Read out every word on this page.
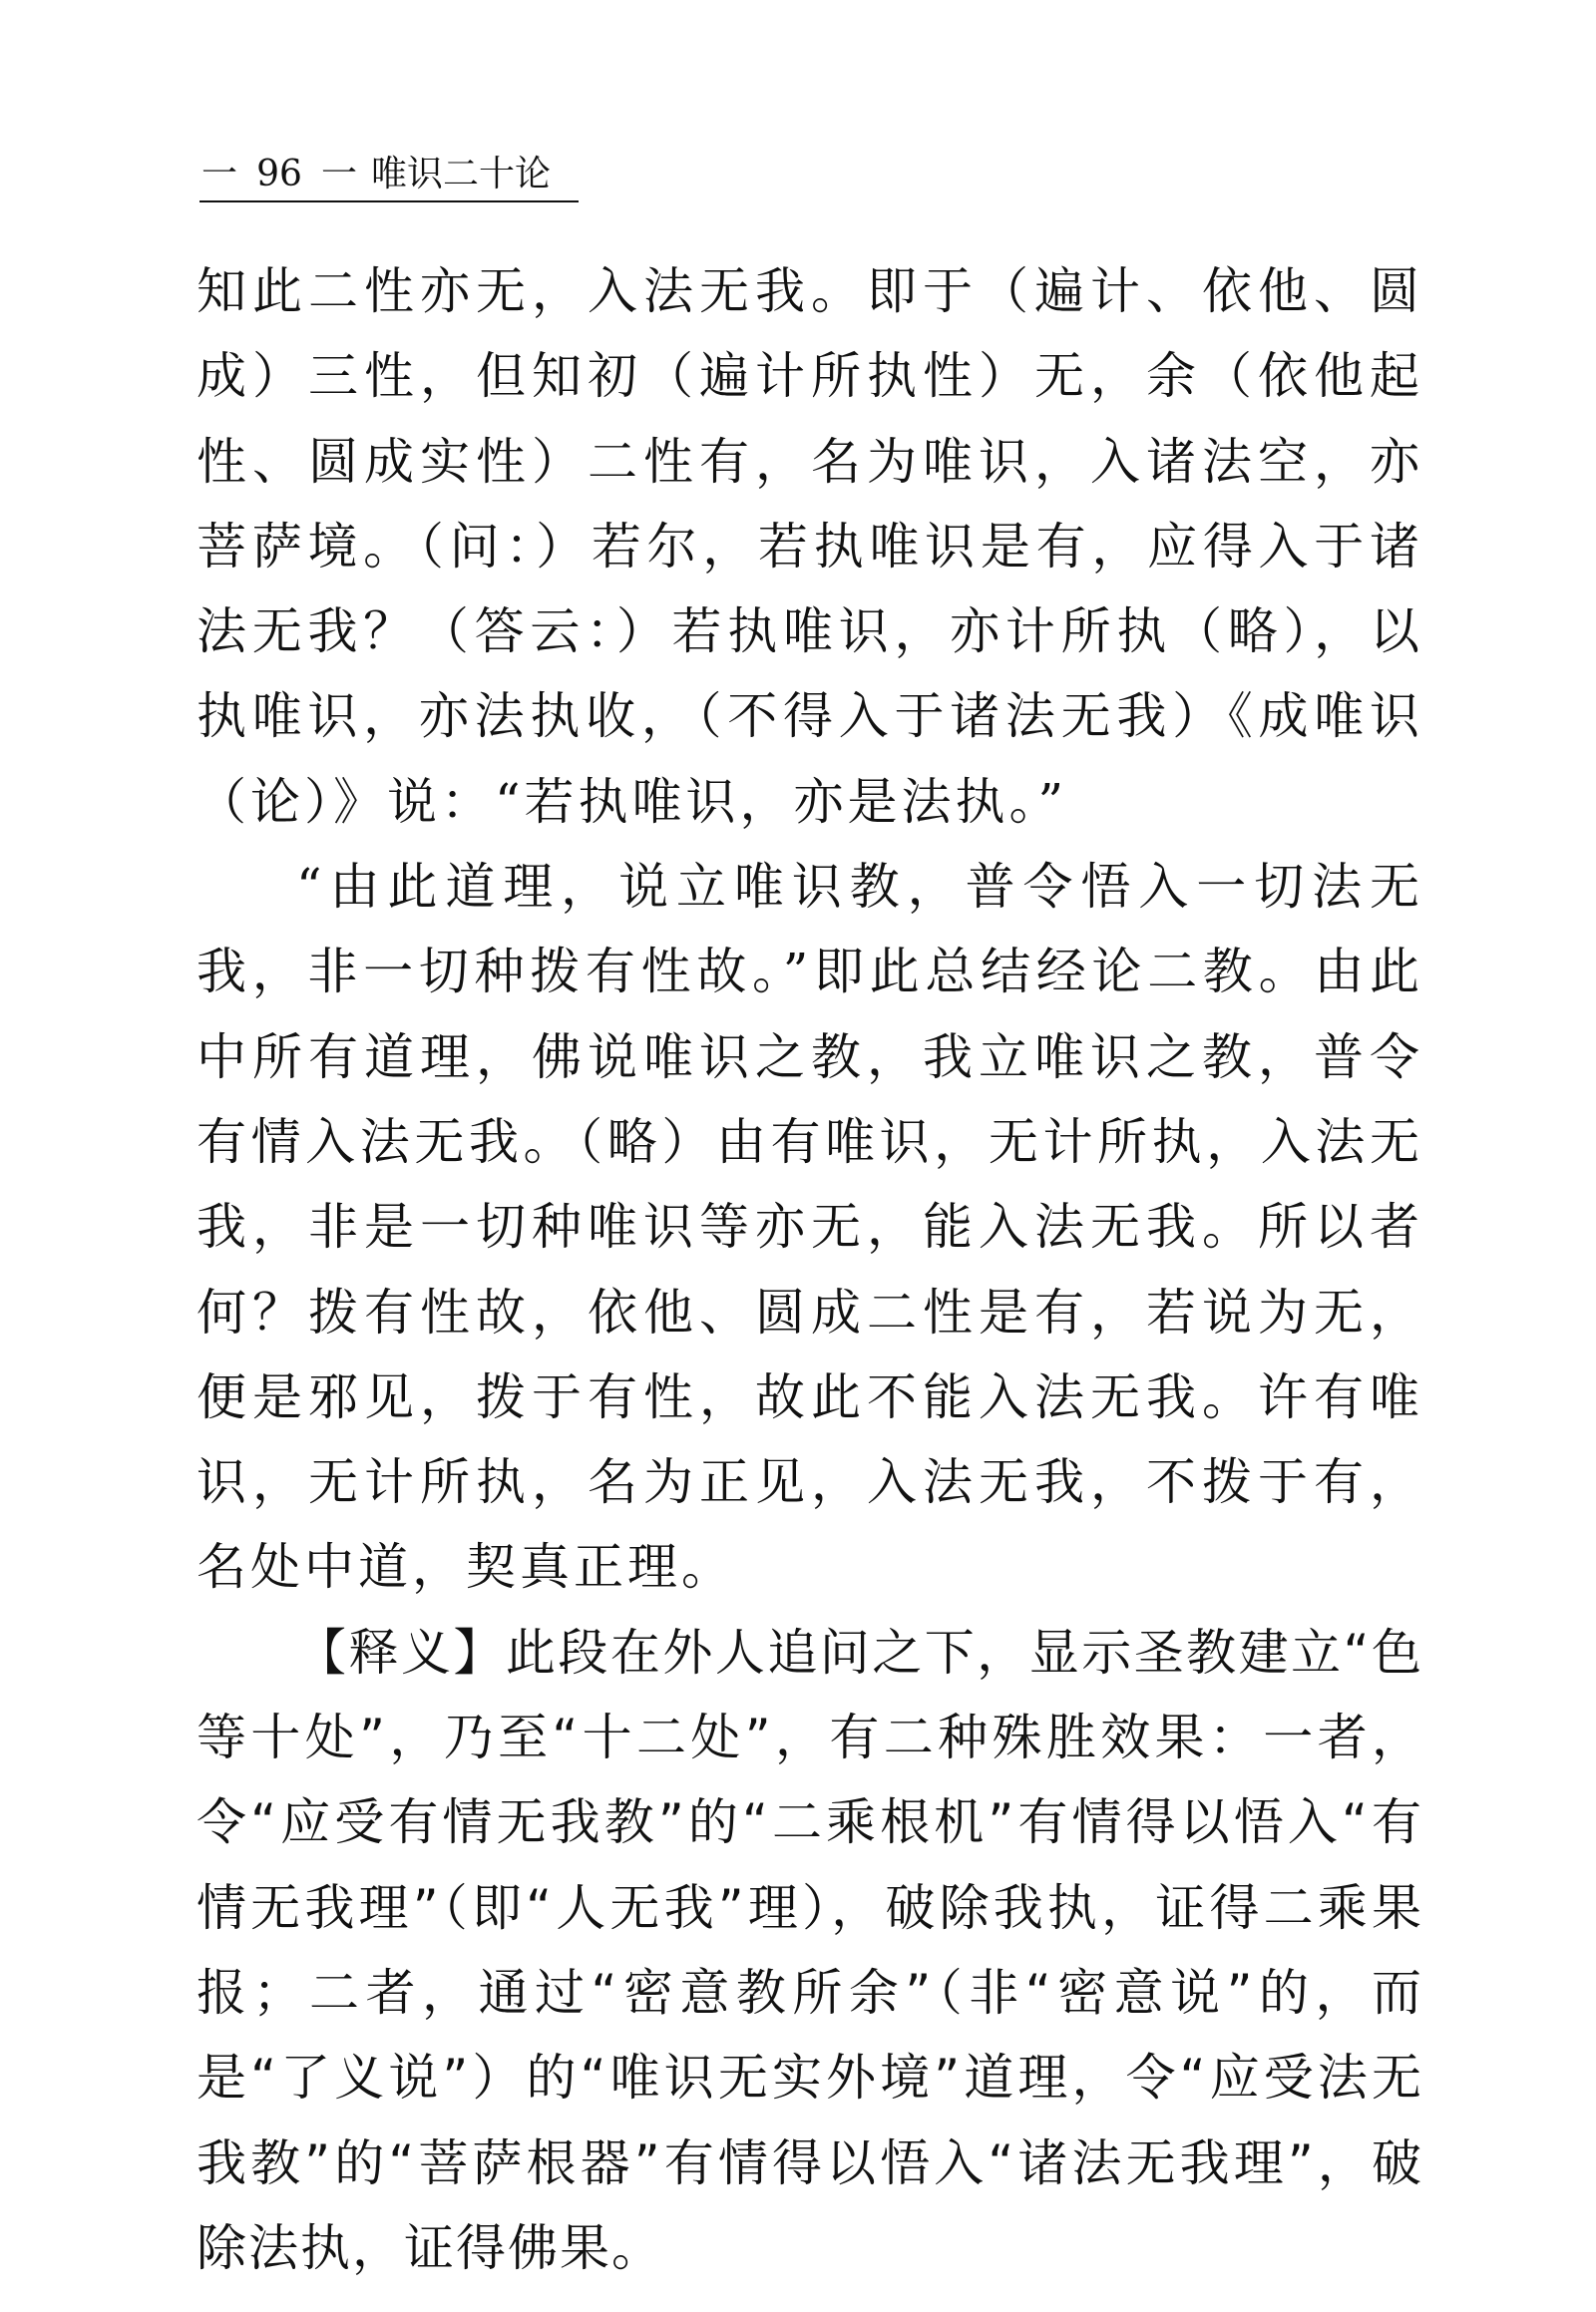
一 96 一 唯识二十论

知此二性亦无，入法无我。即于（遍计、依他、圆成）三性，但知初（遍计所执性）无，余（依他起性、圆成实性）二性有，名为唯识，入诸法空，亦菩萨境。（问：）若尔，若执唯识是有，应得入于诸法无我？（答云：）若执唯识，亦计所执（略），以执唯识，亦法执收，（不得入于诸法无我）《成唯识（论）》说：“若执唯识，亦是法执。”

“由此道理，说立唯识教，普令悟入一切法无我，非一切种拨有性故。”即此总结经论二教。由此中所有道理，佛说唯识之教，我立唯识之教，普令有情入法无我。（略）由有唯识，无计所执，入法无我，非是一切种唯识等亦无，能入法无我。所以者何？拨有性故，依他、圆成二性是有，若说为无，便是邪见，拨于有性，故此不能入法无我。许有唯识，无计所执，名为正见，入法无我，不拨于有，名处中道，契真正理。

【释义】此段在外人追问之下，显示圣教建立“色等十处”，乃至“十二处”，有二种殊胜效果：一者，令“应受有情无我教”的“二乘根机”有情得以悟入“有情无我理”（即“人无我”理），破除我执，证得二乘果报；二者，通过“密意教所余”（非“密意说”的，而是“了义说”）的“唯识无实外境”道理，令“应受法无我教”的“菩萨根器”有情得以悟入“诸法无我理”，破除法执，证得佛果。
